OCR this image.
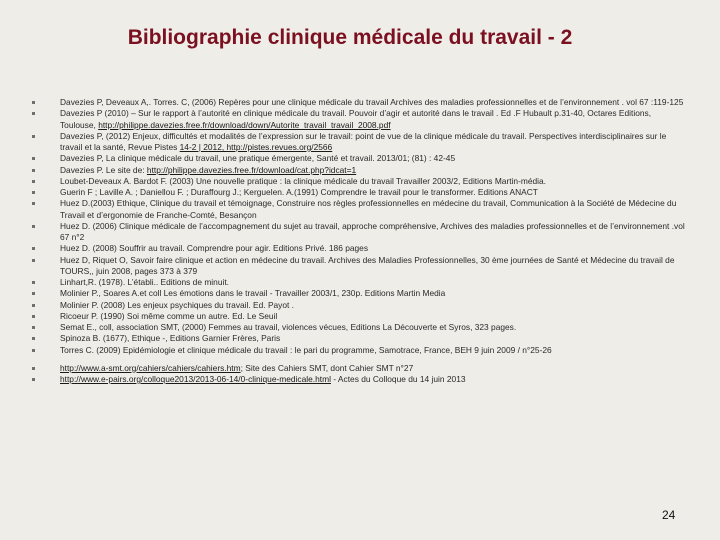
Bibliographie clinique médicale du travail - 2
Davezies P, Deveaux A,. Torres. C, (2006) Repères pour une clinique médicale du travail Archives des maladies professionnelles et de l’environnement . vol 67 :119-125
Davezies P (2010) – Sur le rapport à l’autorité en clinique médicale du travail. Pouvoir d’agir et autorité dans le travail . Ed .F Hubault p.31-40, Octares Editions, Toulouse, http://philippe.davezies.free.fr/download/down/Autorite_travail_travail_2008.pdf
Davezies P, (2012) Enjeux, difficultés et modalités de l’expression sur le travail: point de vue de la clinique médicale du travail. Perspectives interdisciplinaires sur le travail et la santé, Revue Pistes 14-2 | 2012, http://pistes.revues.org/2566
Davezies P, La clinique médicale du travail, une pratique émergente, Santé et travail. 2013/01; (81) : 42-45
Davezies P. Le site de: http://philippe.davezies.free.fr/download/cat.php?idcat=1
Loubet-Deveaux A. Bardot F. (2003) Une nouvelle pratique : la clinique médicale du travail Travailler 2003/2, Editions Martin-média.
Guerin F ; Laville A. ; Daniellou F. ; Duraffourg J.; Kerguelen. A.(1991) Comprendre le travail pour le transformer. Editions ANACT
Huez D.(2003) Ethique, Clinique du travail et témoignage, Construire nos règles professionnelles en médecine du travail, Communication à la Société de Médecine du Travail et d’ergonomie de Franche-Comté, Besançon
Huez D. (2006) Clinique médicale de l’accompagnement du sujet au travail, approche compréhensive, Archives des maladies professionnelles et de l’environnement .vol 67 n°2
Huez D. (2008) Souffrir au travail. Comprendre pour agir. Editions Privé. 186 pages
Huez D, Riquet O, Savoir faire clinique et action en médecine du travail. Archives des Maladies Professionnelles, 30 ème journées de Santé et Médecine du travail de TOURS,, juin 2008, pages 373 à 379
Linhart,R. (1978). L’établi.. Editions de minuit.
Molinier P., Soares A.et coll Les émotions dans le travail - Travailler 2003/1, 230p. Editions Martin Media
Molinier P. (2008) Les enjeux psychiques du travail. Ed. Payot .
Ricoeur P. (1990) Soi même comme un autre. Ed. Le Seuil
Semat E., coll, association SMT, (2000) Femmes au travail, violences vécues, Editions La Découverte et Syros, 323 pages.
Spinoza B. (1677), Ethique -, Editions Garnier Frères, Paris
Torres C. (2009) Epidémiologie et clinique médicale du travail : le pari du programme, Samotrace, France, BEH 9 juin 2009 / n°25-26
http://www.a-smt.org/cahiers/cahiers/cahiers.htm; Site des Cahiers SMT, dont Cahier SMT n°27
http://www.e-pairs.org/colloque2013/2013-06-14/0-clinique-medicale.html - Actes du Colloque du 14 juin 2013
24
